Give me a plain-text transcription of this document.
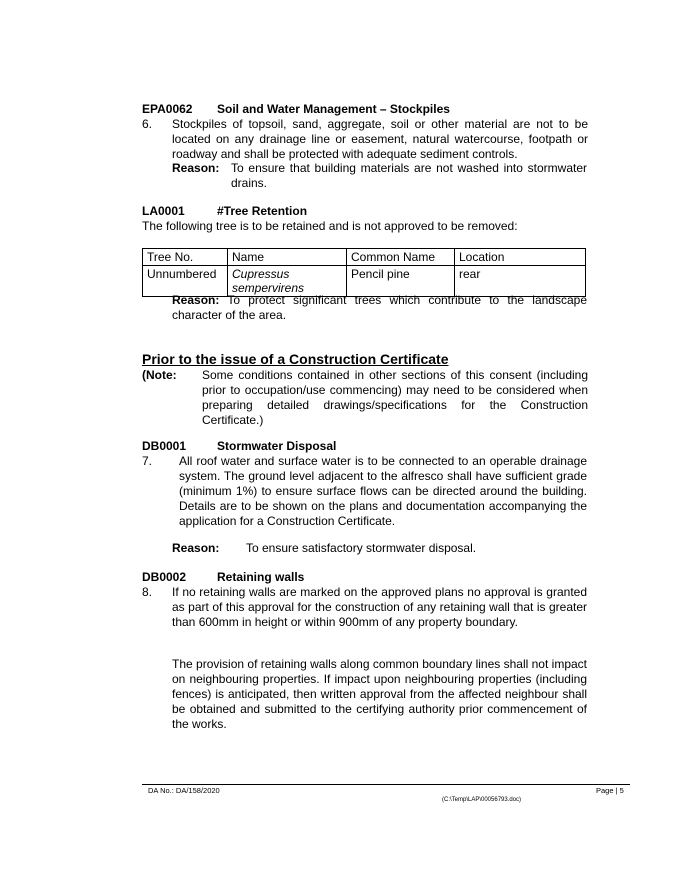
EPA0062 Soil and Water Management – Stockpiles
6. Stockpiles of topsoil, sand, aggregate, soil or other material are not to be located on any drainage line or easement, natural watercourse, footpath or roadway and shall be protected with adequate sediment controls.
Reason: To ensure that building materials are not washed into stormwater drains.
LA0001	#Tree Retention
The following tree is to be retained and is not approved to be removed:
Tree No.	Name	Common Name	Location
Unnumbered	Cupressus sempervirens	Pencil pine	rear
Reason: To protect significant trees which contribute to the landscape character of the area.
Prior to the issue of a Construction Certificate
(Note: Some conditions contained in other sections of this consent (including prior to occupation/use commencing) may need to be considered when preparing detailed drawings/specifications for the Construction Certificate.)
DB0001	Stormwater Disposal
7. All roof water and surface water is to be connected to an operable drainage system. The ground level adjacent to the alfresco shall have sufficient grade (minimum 1%) to ensure surface flows can be directed around the building. Details are to be shown on the plans and documentation accompanying the application for a Construction Certificate.
Reason: To ensure satisfactory stormwater disposal.
DB0002	Retaining walls
8. If no retaining walls are marked on the approved plans no approval is granted as part of this approval for the construction of any retaining wall that is greater than 600mm in height or within 900mm of any property boundary.
The provision of retaining walls along common boundary lines shall not impact on neighbouring properties. If impact upon neighbouring properties (including fences) is anticipated, then written approval from the affected neighbour shall be obtained and submitted to the certifying authority prior commencement of the works.
DA No.: DA/158/2020	Page | 5
(C:\Temp\LAP\00056793.doc)
